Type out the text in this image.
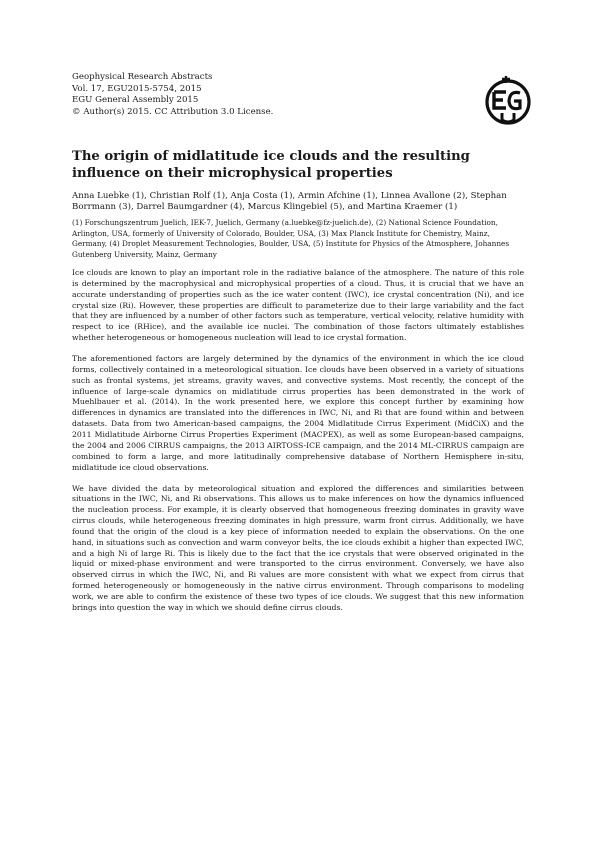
Geophysical Research Abstracts
Vol. 17, EGU2015-5754, 2015
EGU General Assembly 2015
© Author(s) 2015. CC Attribution 3.0 License.
The origin of midlatitude ice clouds and the resulting influence on their microphysical properties
Anna Luebke (1), Christian Rolf (1), Anja Costa (1), Armin Afchine (1), Linnea Avallone (2), Stephan Borrmann (3), Darrel Baumgardner (4), Marcus Klingebiel (5), and Martina Kraemer (1)
(1) Forschungszentrum Juelich, IEK-7, Juelich, Germany (a.luebke@fz-juelich.de), (2) National Science Foundation, Arlington, USA, formerly of University of Colorado, Boulder, USA, (3) Max Planck Institute for Chemistry, Mainz, Germany, (4) Droplet Measurement Technologies, Boulder, USA, (5) Institute for Physics of the Atmosphere, Johannes Gutenberg University, Mainz, Germany

Ice clouds are known to play an important role in the radiative balance of the atmosphere. The nature of this role is determined by the macrophysical and microphysical properties of a cloud. Thus, it is crucial that we have an accurate understanding of properties such as the ice water content (IWC), ice crystal concentration (Ni), and ice crystal size (Ri). However, these properties are difficult to parameterize due to their large variability and the fact that they are influenced by a number of other factors such as temperature, vertical velocity, relative humidity with respect to ice (RHice), and the available ice nuclei. The combination of those factors ultimately establishes whether heterogeneous or homogeneous nucleation will lead to ice crystal formation.

The aforementioned factors are largely determined by the dynamics of the environment in which the ice cloud forms, collectively contained in a meteorological situation. Ice clouds have been observed in a variety of situations such as frontal systems, jet streams, gravity waves, and convective systems. Most recently, the concept of the influence of large-scale dynamics on midlatitude cirrus properties has been demonstrated in the work of Muehlbauer et al. (2014). In the work presented here, we explore this concept further by examining how differences in dynamics are translated into the differences in IWC, Ni, and Ri that are found within and between datasets. Data from two American-based campaigns, the 2004 Midlatitude Cirrus Experiment (MidCiX) and the 2011 Midlatitude Airborne Cirrus Properties Experiment (MACPEX), as well as some European-based campaigns, the 2004 and 2006 CIRRUS campaigns, the 2013 AIRTOSS-ICE campaign, and the 2014 ML-CIRRUS campaign are combined to form a large, and more latitudinally comprehensive database of Northern Hemisphere in-situ, midlatitude ice cloud observations.

We have divided the data by meteorological situation and explored the differences and similarities between situations in the IWC, Ni, and Ri observations. This allows us to make inferences on how the dynamics influenced the nucleation process. For example, it is clearly observed that homogeneous freezing dominates in gravity wave cirrus clouds, while heterogeneous freezing dominates in high pressure, warm front cirrus. Additionally, we have found that the origin of the cloud is a key piece of information needed to explain the observations. On the one hand, in situations such as convection and warm conveyor belts, the ice clouds exhibit a higher than expected IWC, and a high Ni of large Ri. This is likely due to the fact that the ice crystals that were observed originated in the liquid or mixed-phase environment and were transported to the cirrus environment. Conversely, we have also observed cirrus in which the IWC, Ni, and Ri values are more consistent with what we expect from cirrus that formed heterogeneously or homogeneously in the native cirrus environment. Through comparisons to modeling work, we are able to confirm the existence of these two types of ice clouds. We suggest that this new information brings into question the way in which we should define cirrus clouds.
